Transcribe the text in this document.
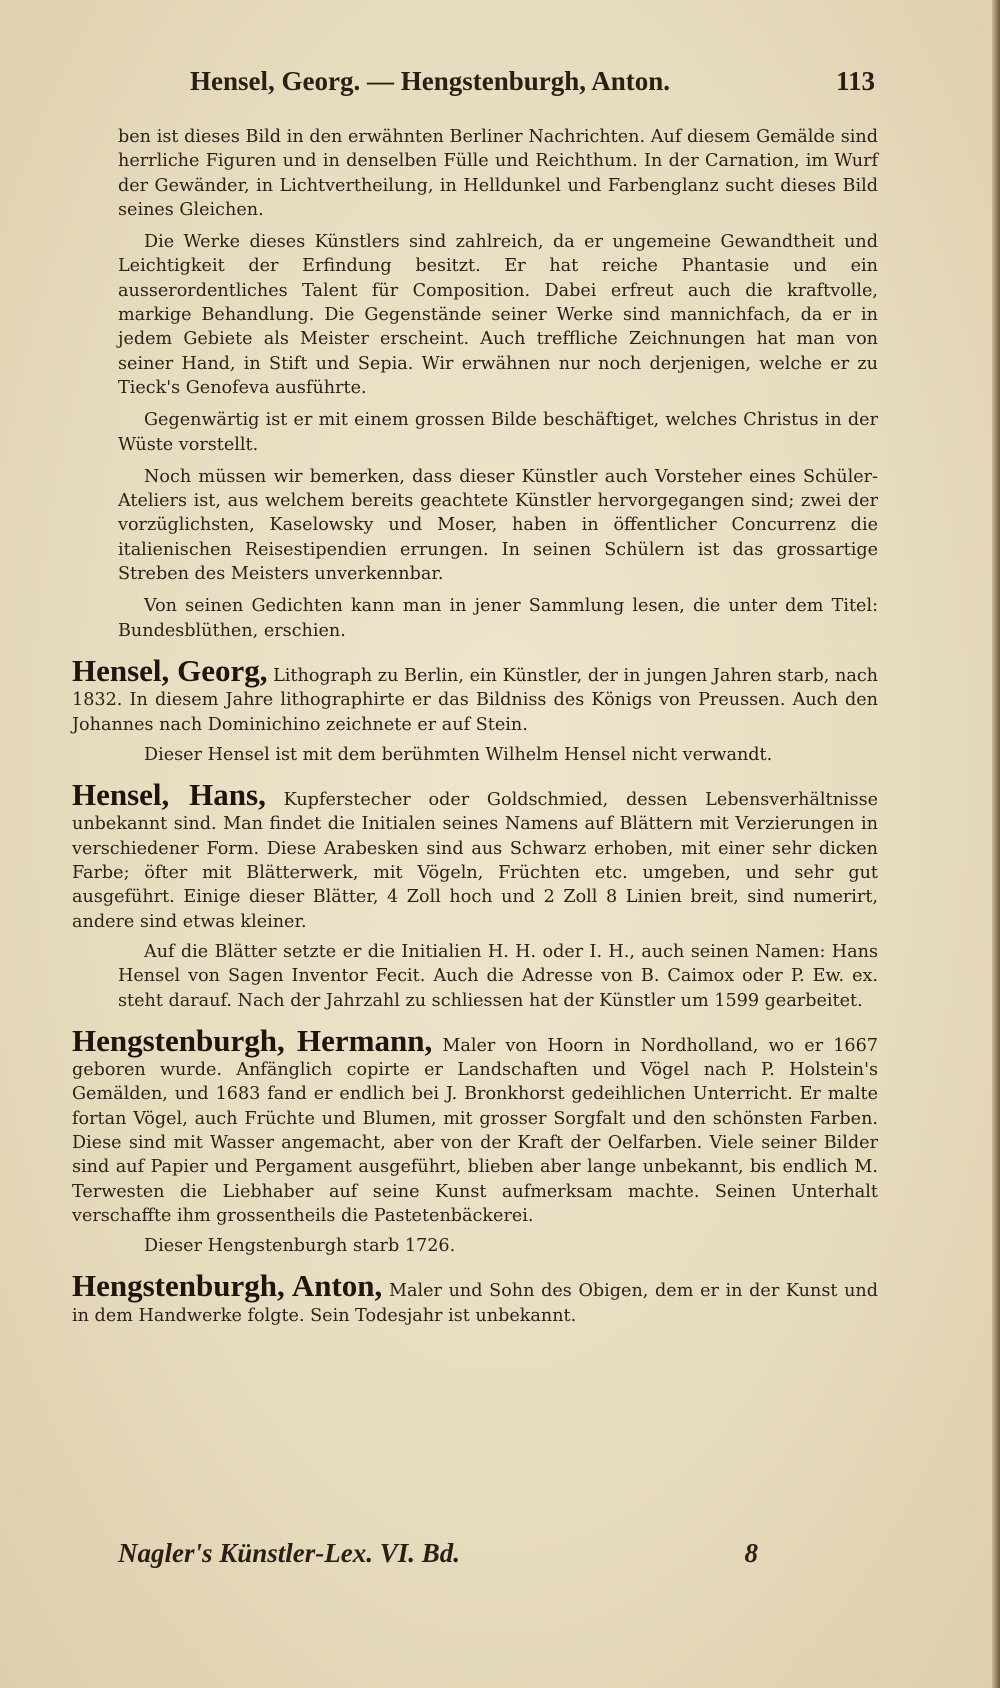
Hensel, Georg. — Hengstenburgh, Anton.	113

ben ist dieses Bild in den erwähnten Berliner Nachrichten. Auf diesem Gemälde sind herrliche Figuren und in denselben Fülle und Reichthum. In der Carnation, im Wurf der Gewänder, in Lichtvertheilung, in Helldunkel und Farbenglanz sucht dieses Bild seines Gleichen.

Die Werke dieses Künstlers sind zahlreich, da er ungemeine Gewandtheit und Leichtigkeit der Erfindung besitzt. Er hat reiche Phantasie und ein ausserordentliches Talent für Composition. Dabei erfreut auch die kraftvolle, markige Behandlung. Die Gegenstände seiner Werke sind mannichfach, da er in jedem Gebiete als Meister erscheint. Auch treffliche Zeichnungen hat man von seiner Hand, in Stift und Sepia. Wir erwähnen nur noch derjenigen, welche er zu Tieck's Genofeva ausführte.

Gegenwärtig ist er mit einem grossen Bilde beschäftiget, welches Christus in der Wüste vorstellt.

Noch müssen wir bemerken, dass dieser Künstler auch Vorsteher eines Schüler-Ateliers ist, aus welchem bereits geachtete Künstler hervorgegangen sind; zwei der vorzüglichsten, Kaselowsky und Moser, haben in öffentlicher Concurrenz die italienischen Reisestipendien errungen. In seinen Schülern ist das grossartige Streben des Meisters unverkennbar.

Von seinen Gedichten kann man in jener Sammlung lesen, die unter dem Titel: Bundesblüthen, erschien.

Hensel, Georg, Lithograph zu Berlin, ein Künstler, der in jungen Jahren starb, nach 1832. In diesem Jahre lithographirte er das Bildniss des Königs von Preussen. Auch den Johannes nach Dominichino zeichnete er auf Stein.

Dieser Hensel ist mit dem berühmten Wilhelm Hensel nicht verwandt.

Hensel, Hans, Kupferstecher oder Goldschmied, dessen Lebensverhältnisse unbekannt sind. Man findet die Initialen seines Namens auf Blättern mit Verzierungen in verschiedener Form. Diese Arabesken sind aus Schwarz erhoben, mit einer sehr dicken Farbe; öfter mit Blätterwerk, mit Vögeln, Früchten etc. umgeben, und sehr gut ausgeführt. Einige dieser Blätter, 4 Zoll hoch und 2 Zoll 8 Linien breit, sind numerirt, andere sind etwas kleiner.

Auf die Blätter setzte er die Initialien H. H. oder I. H., auch seinen Namen: Hans Hensel von Sagen Inventor Fecit. Auch die Adresse von B. Caimox oder P. Ew. ex. steht darauf. Nach der Jahrzahl zu schliessen hat der Künstler um 1599 gearbeitet.

Hengstenburgh, Hermann, Maler von Hoorn in Nordholland, wo er 1667 geboren wurde. Anfänglich copirte er Landschaften und Vögel nach P. Holstein's Gemälden, und 1683 fand er endlich bei J. Bronkhorst gedeihlichen Unterricht. Er malte fortan Vögel, auch Früchte und Blumen, mit grosser Sorgfalt und den schönsten Farben. Diese sind mit Wasser angemacht, aber von der Kraft der Oelfarben. Viele seiner Bilder sind auf Papier und Pergament ausgeführt, blieben aber lange unbekannt, bis endlich M. Terwesten die Liebhaber auf seine Kunst aufmerksam machte. Seinen Unterhalt verschaffte ihm grossentheils die Pastetenbäckerei.

Dieser Hengstenburgh starb 1726.

Hengstenburgh, Anton, Maler und Sohn des Obigen, dem er in der Kunst und in dem Handwerke folgte. Sein Todesjahr ist unbekannt.

Nagler's Künstler-Lex. VI. Bd.	8
